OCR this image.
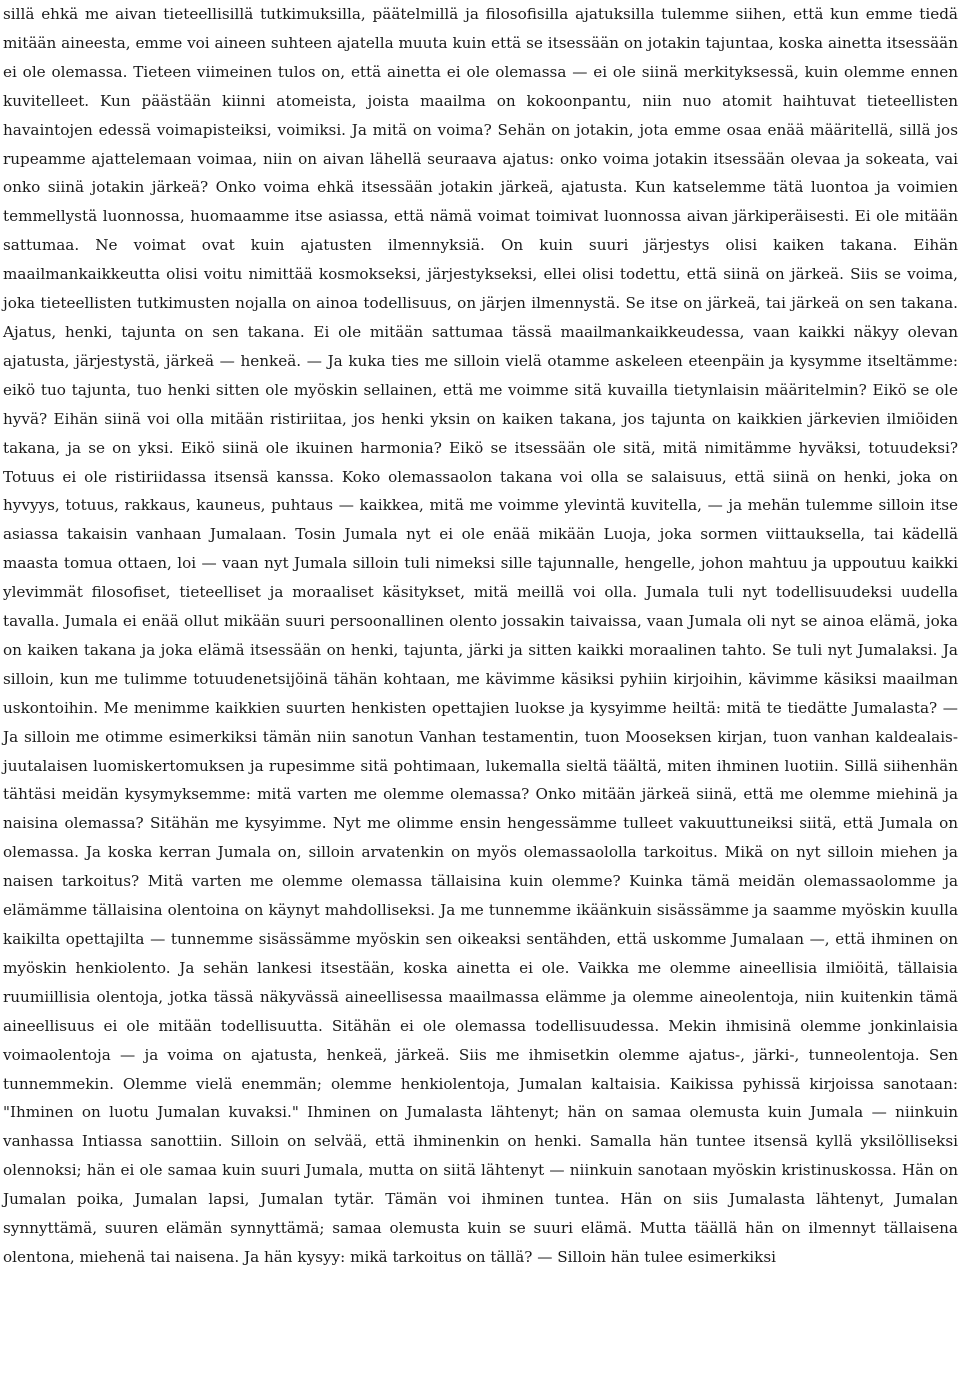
sillä ehkä me aivan tieteellisillä tutkimuksilla, päätelmillä ja filosofisilla ajatuksilla tulemme siihen, että kun emme tiedä mitään aineesta, emme voi aineen suhteen ajatella muuta kuin että se itsessään on jotakin tajuntaa, koska ainetta itsessään ei ole olemassa. Tieteen viimeinen tulos on, että ainetta ei ole olemassa — ei ole siinä merkityksessä, kuin olemme ennen kuvitelleet. Kun päästään kiinni atomeista, joista maailma on kokoonpantu, niin nuo atomit haihtuvat tieteellisten havaintojen edessä voimapisteiksi, voimiksi. Ja mitä on voima? Sehän on jotakin, jota emme osaa enää määritellä, sillä jos rupeamme ajattelemaan voimaa, niin on aivan lähellä seuraava ajatus: onko voima jotakin itsessään olevaa ja sokeata, vai onko siinä jotakin järkeä? Onko voima ehkä itsessään jotakin järkeä, ajatusta. Kun katselemme tätä luontoa ja voimien temmellystä luonnossa, huomaamme itse asiassa, että nämä voimat toimivat luonnossa aivan järkiperäisesti. Ei ole mitään sattumaa. Ne voimat ovat kuin ajatusten ilmennyksiä. On kuin suuri järjestys olisi kaiken takana. Eihän maailmankaikkeutta olisi voitu nimittää kosmokseksi, järjestykseksi, ellei olisi todettu, että siinä on järkeä. Siis se voima, joka tieteellisten tutkimusten nojalla on ainoa todellisuus, on järjen ilmennystä. Se itse on järkeä, tai järkeä on sen takana. Ajatus, henki, tajunta on sen takana. Ei ole mitään sattumaa tässä maailmankaikkeudessa, vaan kaikki näkyy olevan ajatusta, järjestystä, järkeä — henkeä. — Ja kuka ties me silloin vielä otamme askeleen eteenpäin ja kysymme itseltämme: eikö tuo tajunta, tuo henki sitten ole myöskin sellainen, että me voimme sitä kuvailla tietynlaisin määritelmin? Eikö se ole hyvä? Eihän siinä voi olla mitään ristiriitaa, jos henki yksin on kaiken takana, jos tajunta on kaikkien järkevien ilmiöiden takana, ja se on yksi. Eikö siinä ole ikuinen harmonia? Eikö se itsessään ole sitä, mitä nimitämme hyväksi, totuudeksi? Totuus ei ole ristiriidassa itsensä kanssa. Koko olemassaolon takana voi olla se salaisuus, että siinä on henki, joka on hyvyys, totuus, rakkaus, kauneus, puhtaus — kaikkea, mitä me voimme ylevintä kuvitella, — ja mehän tulemme silloin itse asiassa takaisin vanhaan Jumalaan. Tosin Jumala nyt ei ole enää mikään Luoja, joka sormen viittauksella, tai kädellä maasta tomua ottaen, loi — vaan nyt Jumala silloin tuli nimeksi sille tajunnalle, hengelle, johon mahtuu ja uppoutuu kaikki ylevimmät filosofiset, tieteelliset ja moraaliset käsitykset, mitä meillä voi olla. Jumala tuli nyt todellisuudeksi uudella tavalla. Jumala ei enää ollut mikään suuri persoonallinen olento jossakin taivaissa, vaan Jumala oli nyt se ainoa elämä, joka on kaiken takana ja joka elämä itsessään on henki, tajunta, järki ja sitten kaikki moraalinen tahto. Se tuli nyt Jumalaksi. Ja silloin, kun me tulimme totuudenetsijöinä tähän kohtaan, me kävimme käsiksi pyhiin kirjoihin, kävimme käsiksi maailman uskontoihin. Me menimme kaikkien suurten henkisten opettajien luokse ja kysyimme heiltä: mitä te tiedätte Jumalasta? — Ja silloin me otimme esimerkiksi tämän niin sanotun Vanhan testamentin, tuon Mooseksen kirjan, tuon vanhan kaldealais-juutalaisen luomiskertomuksen ja rupesimme sitä pohtimaan, lukemalla sieltä täältä, miten ihminen luotiin. Sillä siihenhän tähtäsi meidän kysymyksemme: mitä varten me olemme olemassa? Onko mitään järkeä siinä, että me olemme miehinä ja naisina olemassa? Sitähän me kysyimme. Nyt me olimme ensin hengessämme tulleet vakuuttuneiksi siitä, että Jumala on olemassa. Ja koska kerran Jumala on, silloin arvatenkin on myös olemassaololla tarkoitus. Mikä on nyt silloin miehen ja naisen tarkoitus? Mitä varten me olemme olemassa tällaisina kuin olemme? Kuinka tämä meidän olemassaolomme ja elämämme tällaisina olentoina on käynyt mahdolliseksi. Ja me tunnemme ikäänkuin sisässämme ja saamme myöskin kuulla kaikilta opettajilta — tunnemme sisässämme myöskin sen oikeaksi sentähden, että uskomme Jumalaan —, että ihminen on myöskin henkiolento. Ja sehän lankesi itsestään, koska ainetta ei ole. Vaikka me olemme aineellisia ilmiöitä, tällaisia ruumiillisia olentoja, jotka tässä näkyvässä aineellisessa maailmassa elämme ja olemme aineolentoja, niin kuitenkin tämä aineellisuus ei ole mitään todellisuutta. Sitähän ei ole olemassa todellisuudessa. Mekin ihmisinä olemme jonkinlaisia voimaolentoja — ja voima on ajatusta, henkeä, järkeä. Siis me ihmisetkin olemme ajatus-, järki-, tunneolentoja. Sen tunnemmekin. Olemme vielä enemmän; olemme henkiolentoja, Jumalan kaltaisia. Kaikissa pyhissä kirjoissa sanotaan: "Ihminen on luotu Jumalan kuvaksi." Ihminen on Jumalasta lähtenyt; hän on samaa olemusta kuin Jumala — niinkuin vanhassa Intiassa sanottiin. Silloin on selvää, että ihminenkin on henki. Samalla hän tuntee itsensä kyllä yksilölliseksi olennoksi; hän ei ole samaa kuin suuri Jumala, mutta on siitä lähtenyt — niinkuin sanotaan myöskin kristinuskossa. Hän on Jumalan poika, Jumalan lapsi, Jumalan tytär. Tämän voi ihminen tuntea. Hän on siis Jumalasta lähtenyt, Jumalan synnyttämä, suuren elämän synnyttämä; samaa olemusta kuin se suuri elämä. Mutta täällä hän on ilmennyt tällaisena olentona, miehenä tai naisena. Ja hän kysyy: mikä tarkoitus on tällä? — Silloin hän tulee esimerkiksi
